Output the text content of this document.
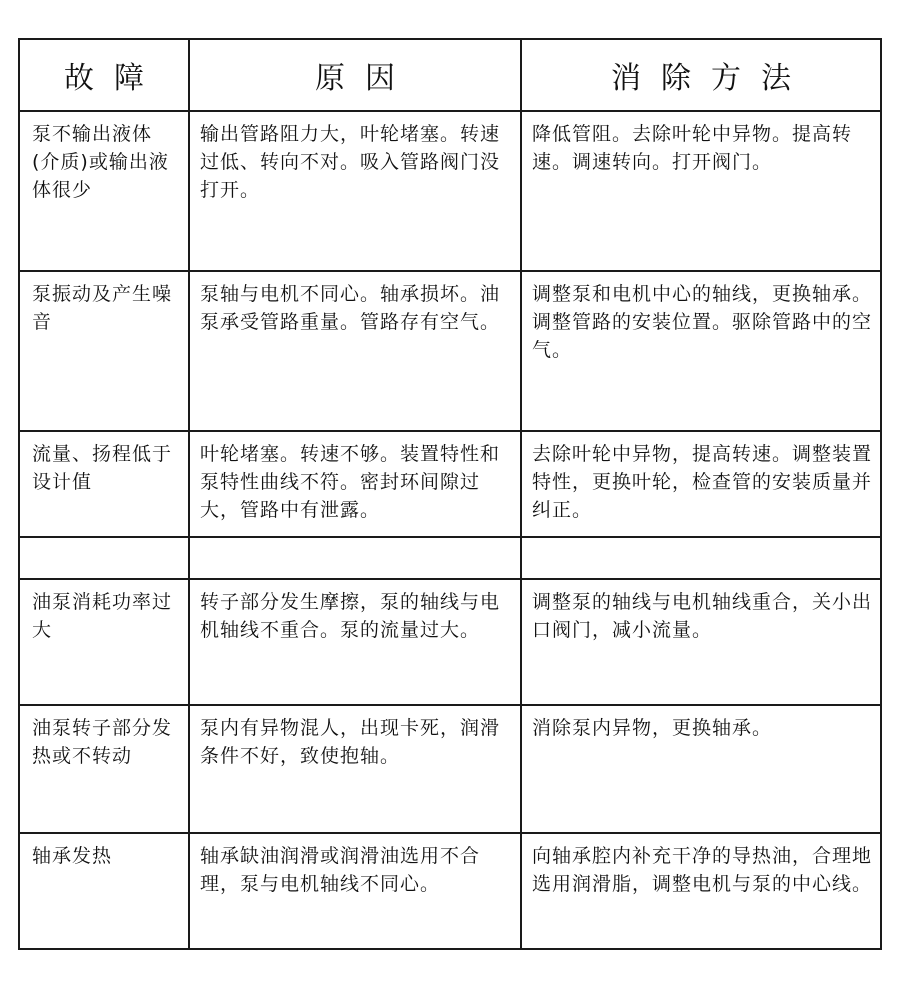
故障	原因	消除方法
泵不输出液体(介质)或输出液体很少	输出管路阻力大，叶轮堵塞。转速过低、转向不对。吸入管路阀门没打开。	降低管阻。去除叶轮中异物。提高转速。调速转向。打开阀门。
泵振动及产生噪音	泵轴与电机不同心。轴承损坏。油泵承受管路重量。管路存有空气。	调整泵和电机中心的轴线，更换轴承。调整管路的安装位置。驱除管路中的空气。
流量、扬程低于设计值	叶轮堵塞。转速不够。装置特性和泵特性曲线不符。密封环间隙过大，管路中有泄露。	去除叶轮中异物，提高转速。调整装置特性，更换叶轮，检查管的安装质量并纠正。

油泵消耗功率过大	转子部分发生摩擦，泵的轴线与电机轴线不重合。泵的流量过大。	调整泵的轴线与电机轴线重合，关小出口阀门，减小流量。
油泵转子部分发热或不转动	泵内有异物混人，出现卡死，润滑条件不好，致使抱轴。	消除泵内异物，更换轴承。
轴承发热	轴承缺油润滑或润滑油选用不合理，泵与电机轴线不同心。	向轴承腔内补充干净的导热油，合理地选用润滑脂，调整电机与泵的中心线。
